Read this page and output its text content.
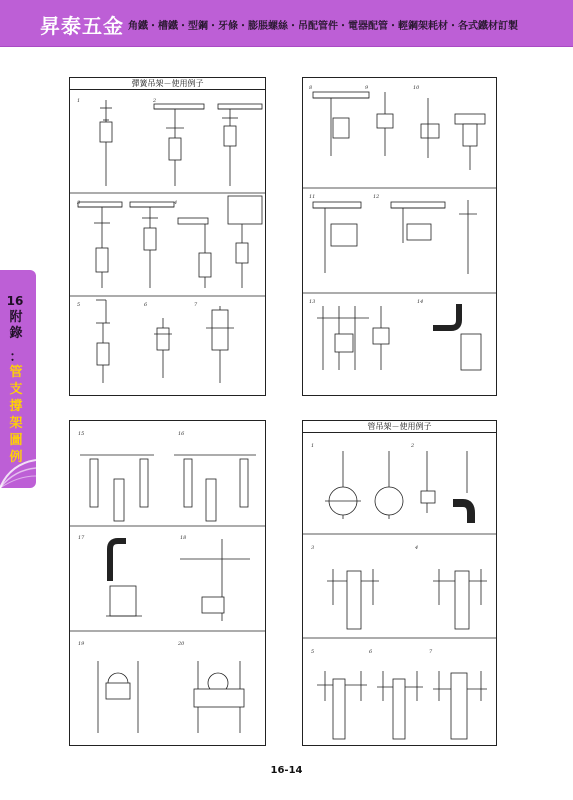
昇泰五金 角鐵・槽鐵・型鋼・牙條・膨脹螺絲・吊配管件・電器配管・輕鋼架耗材・各式鐵材訂製
16
附錄
：
管支撐架圖例
彈簧吊架－使用例子
1	2
3	4
5	6	7
8	9	10
11	12
13	14
15	16
17	18
19	20
管吊架－使用例子
1	2
3	4
5	6	7
16-14
